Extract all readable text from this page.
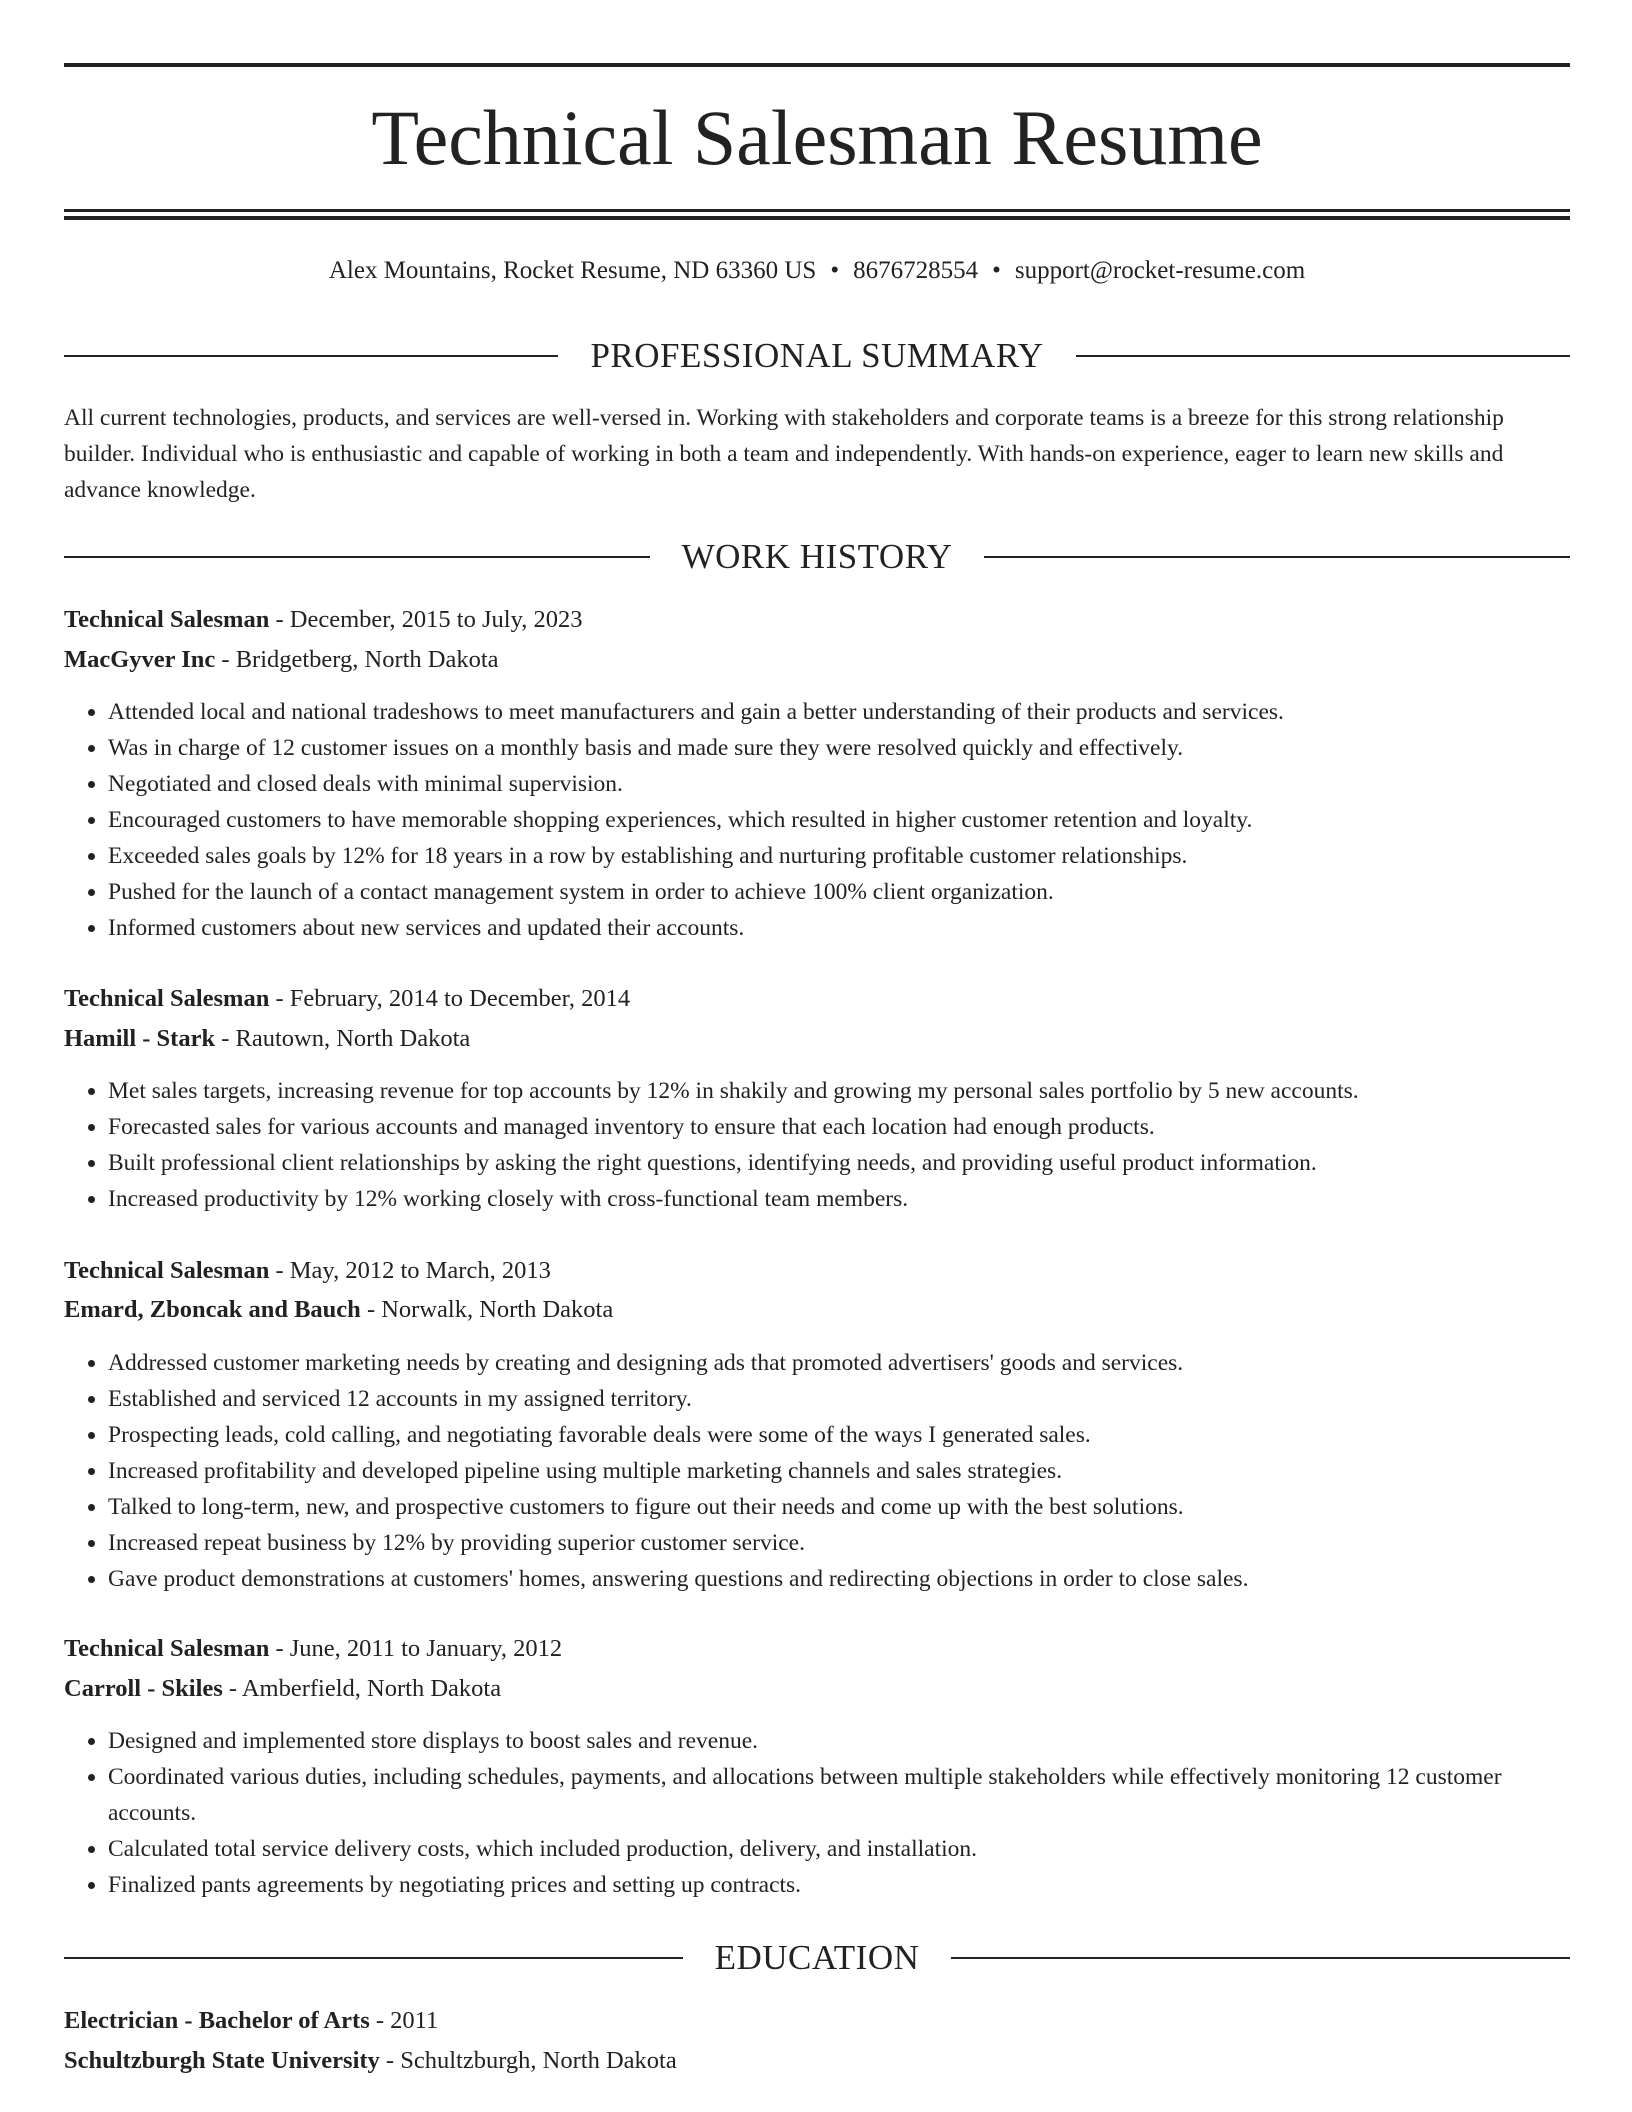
Technical Salesman Resume
Alex Mountains, Rocket Resume, ND 63360 US • 8676728554 • support@rocket-resume.com
PROFESSIONAL SUMMARY
All current technologies, products, and services are well-versed in. Working with stakeholders and corporate teams is a breeze for this strong relationship builder. Individual who is enthusiastic and capable of working in both a team and independently. With hands-on experience, eager to learn new skills and advance knowledge.
WORK HISTORY
Technical Salesman - December, 2015 to July, 2023
MacGyver Inc - Bridgetberg, North Dakota
• Attended local and national tradeshows to meet manufacturers and gain a better understanding of their products and services.
• Was in charge of 12 customer issues on a monthly basis and made sure they were resolved quickly and effectively.
• Negotiated and closed deals with minimal supervision.
• Encouraged customers to have memorable shopping experiences, which resulted in higher customer retention and loyalty.
• Exceeded sales goals by 12% for 18 years in a row by establishing and nurturing profitable customer relationships.
• Pushed for the launch of a contact management system in order to achieve 100% client organization.
• Informed customers about new services and updated their accounts.
Technical Salesman - February, 2014 to December, 2014
Hamill - Stark - Rautown, North Dakota
• Met sales targets, increasing revenue for top accounts by 12% in shakily and growing my personal sales portfolio by 5 new accounts.
• Forecasted sales for various accounts and managed inventory to ensure that each location had enough products.
• Built professional client relationships by asking the right questions, identifying needs, and providing useful product information.
• Increased productivity by 12% working closely with cross-functional team members.
Technical Salesman - May, 2012 to March, 2013
Emard, Zboncak and Bauch - Norwalk, North Dakota
• Addressed customer marketing needs by creating and designing ads that promoted advertisers' goods and services.
• Established and serviced 12 accounts in my assigned territory.
• Prospecting leads, cold calling, and negotiating favorable deals were some of the ways I generated sales.
• Increased profitability and developed pipeline using multiple marketing channels and sales strategies.
• Talked to long-term, new, and prospective customers to figure out their needs and come up with the best solutions.
• Increased repeat business by 12% by providing superior customer service.
• Gave product demonstrations at customers' homes, answering questions and redirecting objections in order to close sales.
Technical Salesman - June, 2011 to January, 2012
Carroll - Skiles - Amberfield, North Dakota
• Designed and implemented store displays to boost sales and revenue.
• Coordinated various duties, including schedules, payments, and allocations between multiple stakeholders while effectively monitoring 12 customer accounts.
• Calculated total service delivery costs, which included production, delivery, and installation.
• Finalized pants agreements by negotiating prices and setting up contracts.
EDUCATION
Electrician - Bachelor of Arts - 2011
Schultzburgh State University - Schultzburgh, North Dakota
